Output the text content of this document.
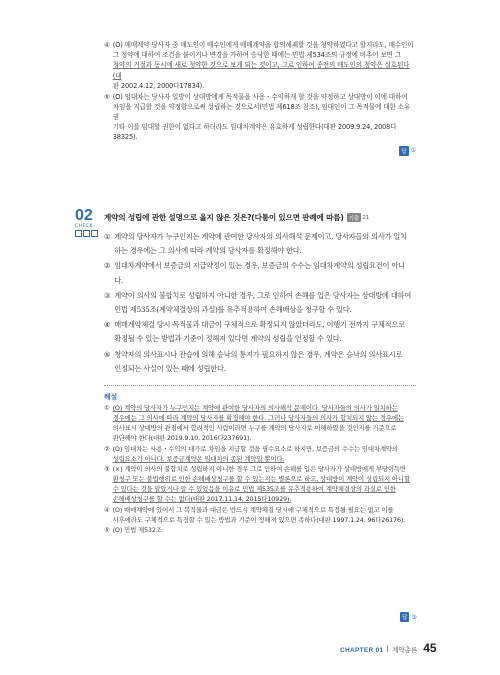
④ (O) 매매계약 당사자 중 매도인이 매수인에게 매매계약을 합의해제할 것을 청약하였다고 할지라도, 매수인이
그 청약에 대하여 조건을 붙이거나 변경을 가하여 승낙한 때에는 민법 제534조의 규정에 비추어 보면 그
청약의 거절과 동시에 새로 청약한 것으로 보게 되는 것이고, 그로 인하여 종전의 매도인의 청약은 실효된다(대
판 2002.4.12, 2000다17834).
⑤ (O) 임대차는 당사자 일방이 상대방에게 목적물을 사용・수익하게 할 것을 약정하고 상대방이 이에 대하여
차임을 지급할 것을 약정함으로써 성립하는 것으로서(민법 제618조 참조), 임대인이 그 목적물에 대한 소유권
기타 이를 임대할 권한이 없다고 하더라도 임대차계약은 유효하게 성립한다(대판 2009.9.24, 2008다38325).
답 ①
02
CHECK
계약의 성립에 관한 설명으로 옳지 않은 것은?(다툼이 있으면 판례에 따름) 기출 21
① 계약의 당사자가 누구인지는 계약에 관여한 당사자의 의사해석 문제이고, 당사자들의 의사가 일치
하는 경우에는 그 의사에 따라 계약의 당사자를 확정해야 한다.
② 임대차계약에서 보증금의 지급약정이 있는 경우, 보증금의 수수는 임대차계약의 성립요건이 아니
다.
③ 계약이 의사의 불합치로 성립하지 아니한 경우, 그로 인하여 손해를 입은 당사자는 상대방에 대하여
민법 제535조(계약체결상의 과실)를 유추적용하여 손해배상을 청구할 수 있다.
④ 매매계약체결 당시 목적물과 대금이 구체적으로 확정되지 않았더라도, 이행기 전까지 구체적으로
확정될 수 있는 방법과 기준이 정해져 있다면 계약의 성립을 인정할 수 있다.
⑤ 청약자의 의사표시나 관습에 의해 승낙의 통지가 필요하지 않은 경우, 계약은 승낙의 의사표시로
인정되는 사실이 있는 때에 성립한다.
해설
① (O) 계약의 당사자가 누구인지는 계약에 관여한 당사자의 의사해석 문제이다. 당사자들의 의사가 일치하는
경우에는 그 의사에 따라 계약의 당사자를 확정해야 한다. 그러나 당사자들의 의사가 합치되지 않는 경우에는
의사표시 상대방의 관점에서 합리적인 사람이라면 누구를 계약의 당사자로 이해하였을 것인지를 기준으로
판단해야 한다(대판 2019.9.10, 2016다237691).
② (O) 임대차는 사용・수익의 대가로 차임을 지급할 것을 필수요소로 하지만, 보증금의 수수는 임대차계약의
성립요소가 아니다. 보증금계약은 임대차의 종된 계약일 뿐이다.
③ (×) 계약이 의사의 불합치로 성립하지 아니한 경우 그로 인하여 손해를 입은 당사자가 상대방에게 부당이득반
환청구 또는 불법행위로 인한 손해배상청구를 할 수 있는지는 별론으로 하고, 상대방이 계약이 성립되지 아니할
수 있다는 것을 알았거나 알 수 있었음을 이유로 민법 제535조를 유추적용하여 계약체결상의 과실로 인한
손해배상청구를 할 수는 없다(대판 2017.11.14, 2015다10929).
④ (O) 매매계약에 있어서 그 목적물과 대금은 반드시 계약체결 당시에 구체적으로 특정될 필요는 없고 이를
사후에라도 구체적으로 특정할 수 있는 방법과 기준이 정해져 있으면 족하다(대판 1997.1.24, 96다26176).
⑤ (O) 민법 제532조
답 ③
CHAPTER 01 계약총론 45
